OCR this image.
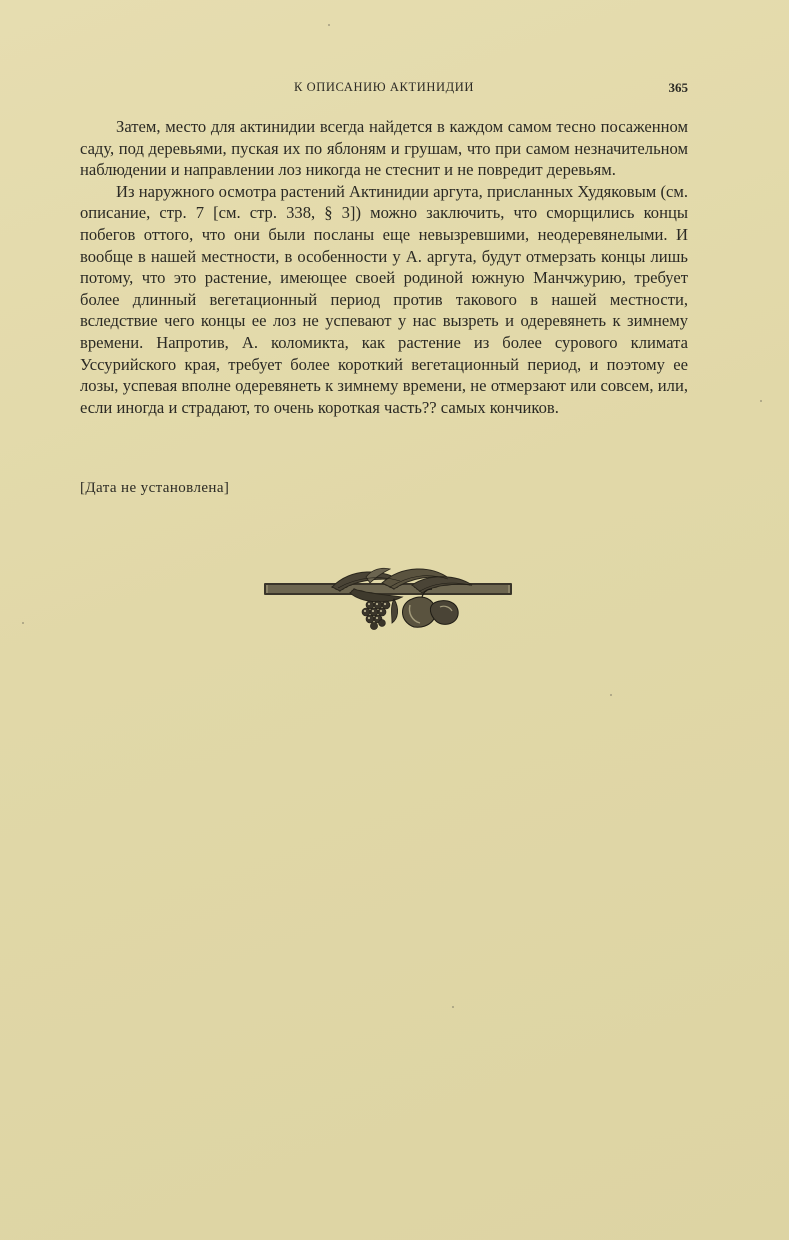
К ОПИСАНИЮ АКТИНИДИИ	365

Затем, место для актинидии всегда найдется в каждом самом тесно посаженном саду, под деревьями, пуская их по яблоням и грушам, что при самом незначительном наблюдении и направлении лоз никогда не стеснит и не повредит деревьям.

Из наружного осмотра растений Актинидии аргута, присланных Худяковым (см. описание, стр. 7 [см. стр. 338, § 3]) можно заключить, что сморщились концы побегов оттого, что они были посланы еще невызревшими, неодеревянелыми. И вообще в нашей местности, в особенности у А. аргута, будут отмерзать концы лишь потому, что это растение, имеющее своей родиной южную Манчжурию, требует более длинный вегетационный период против такового в нашей местности, вследствие чего концы ее лоз не успевают у нас вызреть и одеревянеть к зимнему времени. Напротив, А. коломикта, как растение из более сурового климата Уссурийского края, требует более короткий вегетационный период, и поэтому ее лозы, успевая вполне одеревянеть к зимнему времени, не отмерзают или совсем, или, если иногда и страдают, то очень короткая часть?? самых кончиков.

[Дата не установлена]
